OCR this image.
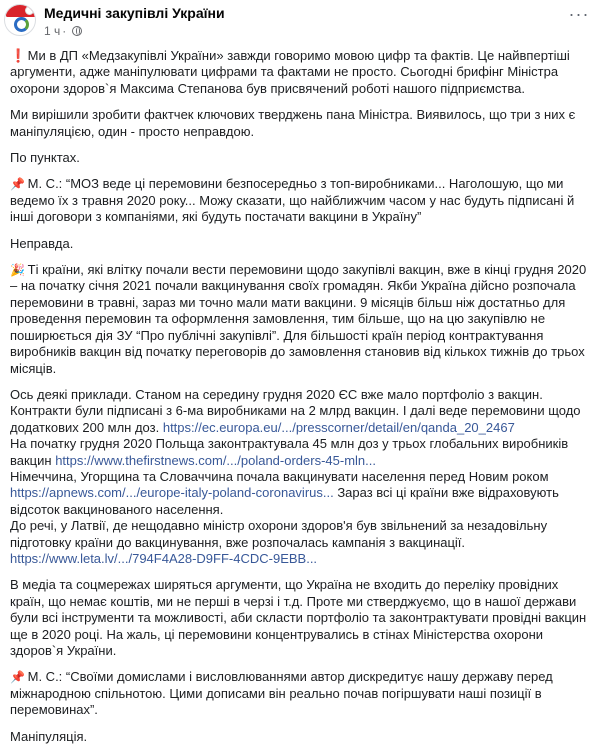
Медичні закупівлі України
1 ч ·
···

❗ Ми в ДП «Медзакупівлі України» завжди говоримо мовою цифр та фактів. Це найвпертіші аргументи, адже маніпулювати цифрами та фактами не просто. Сьогодні брифінг Міністра охорони здоров`я Максима Степанова був присвячений роботі нашого підприємства.

Ми вирішили зробити фактчек ключових тверджень пана Міністра. Виявилось, що три з них є маніпуляцією, один - просто неправдою.

По пунктах.

📌 М. С.: “МОЗ веде ці перемовини безпосередньо з топ-виробниками... Наголошую, що ми ведемо їх з травня 2020 року... Можу сказати, що найближчим часом у нас будуть підписані й інші договори з компаніями, які будуть постачати вакцини в Україну”

Неправда.

🎉 Ті країни, які влітку почали вести перемовини щодо закупівлі вакцин, вже в кінці грудня 2020 – на початку січня 2021 почали вакцинування своїх громадян. Якби Україна дійсно розпочала перемовини в травні, зараз ми точно мали мати вакцини. 9 місяців більш ніж достатньо для проведення перемовин та оформлення замовлення, тим більше, що на цю закупівлю не поширюється дія ЗУ “Про публічні закупівлі”. Для більшості країн період контрактування виробників вакцин від початку переговорів до замовлення становив від кількох тижнів до трьох місяців.

Ось деякі приклади. Станом на середину грудня 2020 ЄС вже мало портфоліо з вакцин. Контракти були підписані з 6-ма виробниками на 2 млрд вакцин. І далі веде перемовини щодо додаткових 200 млн доз. https://ec.europa.eu/.../presscorner/detail/en/qanda_20_2467
На початку грудня 2020 Польща законтрактувала 45 млн доз у трьох глобальних виробників вакцин https://www.thefirstnews.com/.../poland-orders-45-mln...
Німеччина, Угорщина та Словаччина почала вакцинувати населення перед Новим роком
https://apnews.com/.../europe-italy-poland-coronavirus... Зараз всі ці країни вже відраховують відсоток вакцинованого населення.
До речі, у Латвії, де нещодавно міністр охорони здоров'я був звільнений за незадовільну підготовку країни до вакцинування, вже розпочалась кампанія з вакцинації.
https://www.leta.lv/.../794F4A28-D9FF-4CDC-9EBB...

В медіа та соцмережах ширяться аргументи, що Україна не входить до переліку провідних країн, що немає коштів, ми не перші в черзі і т.д. Проте ми стверджуємо, що в нашої держави були всі інструменти та можливості, аби скласти портфоліо та законтрактувати провідні вакцин ще в 2020 році. На жаль, ці перемовини концентрувались в стінах Міністерства охорони здоров`я України.

📌 М. С.: “Своїми домислами і висловлюваннями автор дискредитує нашу державу перед міжнародною спільнотою. Цими дописами він реально почав погіршувати наші позиції в перемовинах”.

Маніпуляція.
